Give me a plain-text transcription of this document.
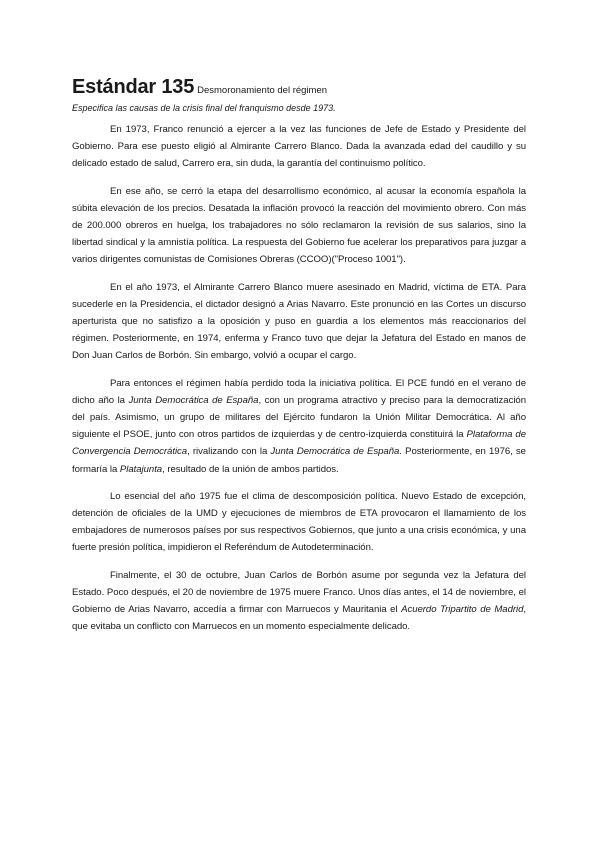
Estándar 135 Desmoronamiento del régimen
Especifica las causas de la crisis final del franquismo desde 1973.

En 1973, Franco renunció a ejercer a la vez las funciones de Jefe de Estado y Presidente del Gobierno. Para ese puesto eligió al Almirante Carrero Blanco. Dada la avanzada edad del caudillo y su delicado estado de salud, Carrero era, sin duda, la garantía del continuismo político.

En ese año, se cerró la etapa del desarrollismo económico, al acusar la economía española la súbita elevación de los precios. Desatada la inflación provocó la reacción del movimiento obrero. Con más de 200.000 obreros en huelga, los trabajadores no sólo reclamaron la revisión de sus salarios, sino la libertad sindical y la amnistía política. La respuesta del Gobierno fue acelerar los preparativos para juzgar a varios dirigentes comunistas de Comisiones Obreras (CCOO)("Proceso 1001").

En el año 1973, el Almirante Carrero Blanco muere asesinado en Madrid, víctima de ETA. Para sucederle en la Presidencia, el dictador designó a Arias Navarro. Este pronunció en las Cortes un discurso aperturista que no satisfizo a la oposición y puso en guardia a los elementos más reaccionarios del régimen. Posteriormente, en 1974, enferma y Franco tuvo que dejar la Jefatura del Estado en manos de Don Juan Carlos de Borbón. Sin embargo, volvió a ocupar el cargo.

Para entonces el régimen había perdido toda la iniciativa política. El PCE fundó en el verano de dicho año la Junta Democrática de España, con un programa atractivo y preciso para la democratización del país. Asimismo, un grupo de militares del Ejército fundaron la Unión Militar Democrática. Al año siguiente el PSOE, junto con otros partidos de izquierdas y de centro-izquierda constituirá la Plataforma de Convergencia Democrática, rivalizando con la Junta Democrática de España. Posteriormente, en 1976, se formaría la Platajunta, resultado de la unión de ambos partidos.

Lo esencial del año 1975 fue el clima de descomposición política. Nuevo Estado de excepción, detención de oficiales de la UMD y ejecuciones de miembros de ETA provocaron el llamamiento de los embajadores de numerosos países por sus respectivos Gobiernos, que junto a una crisis económica, y una fuerte presión política, impidieron el Referéndum de Autodeterminación.

Finalmente, el 30 de octubre, Juan Carlos de Borbón asume por segunda vez la Jefatura del Estado. Poco después, el 20 de noviembre de 1975 muere Franco. Unos días antes, el 14 de noviembre, el Gobierno de Arias Navarro, accedía a firmar con Marruecos y Mauritania el Acuerdo Tripartito de Madrid, que evitaba un conflicto con Marruecos en un momento especialmente delicado.
